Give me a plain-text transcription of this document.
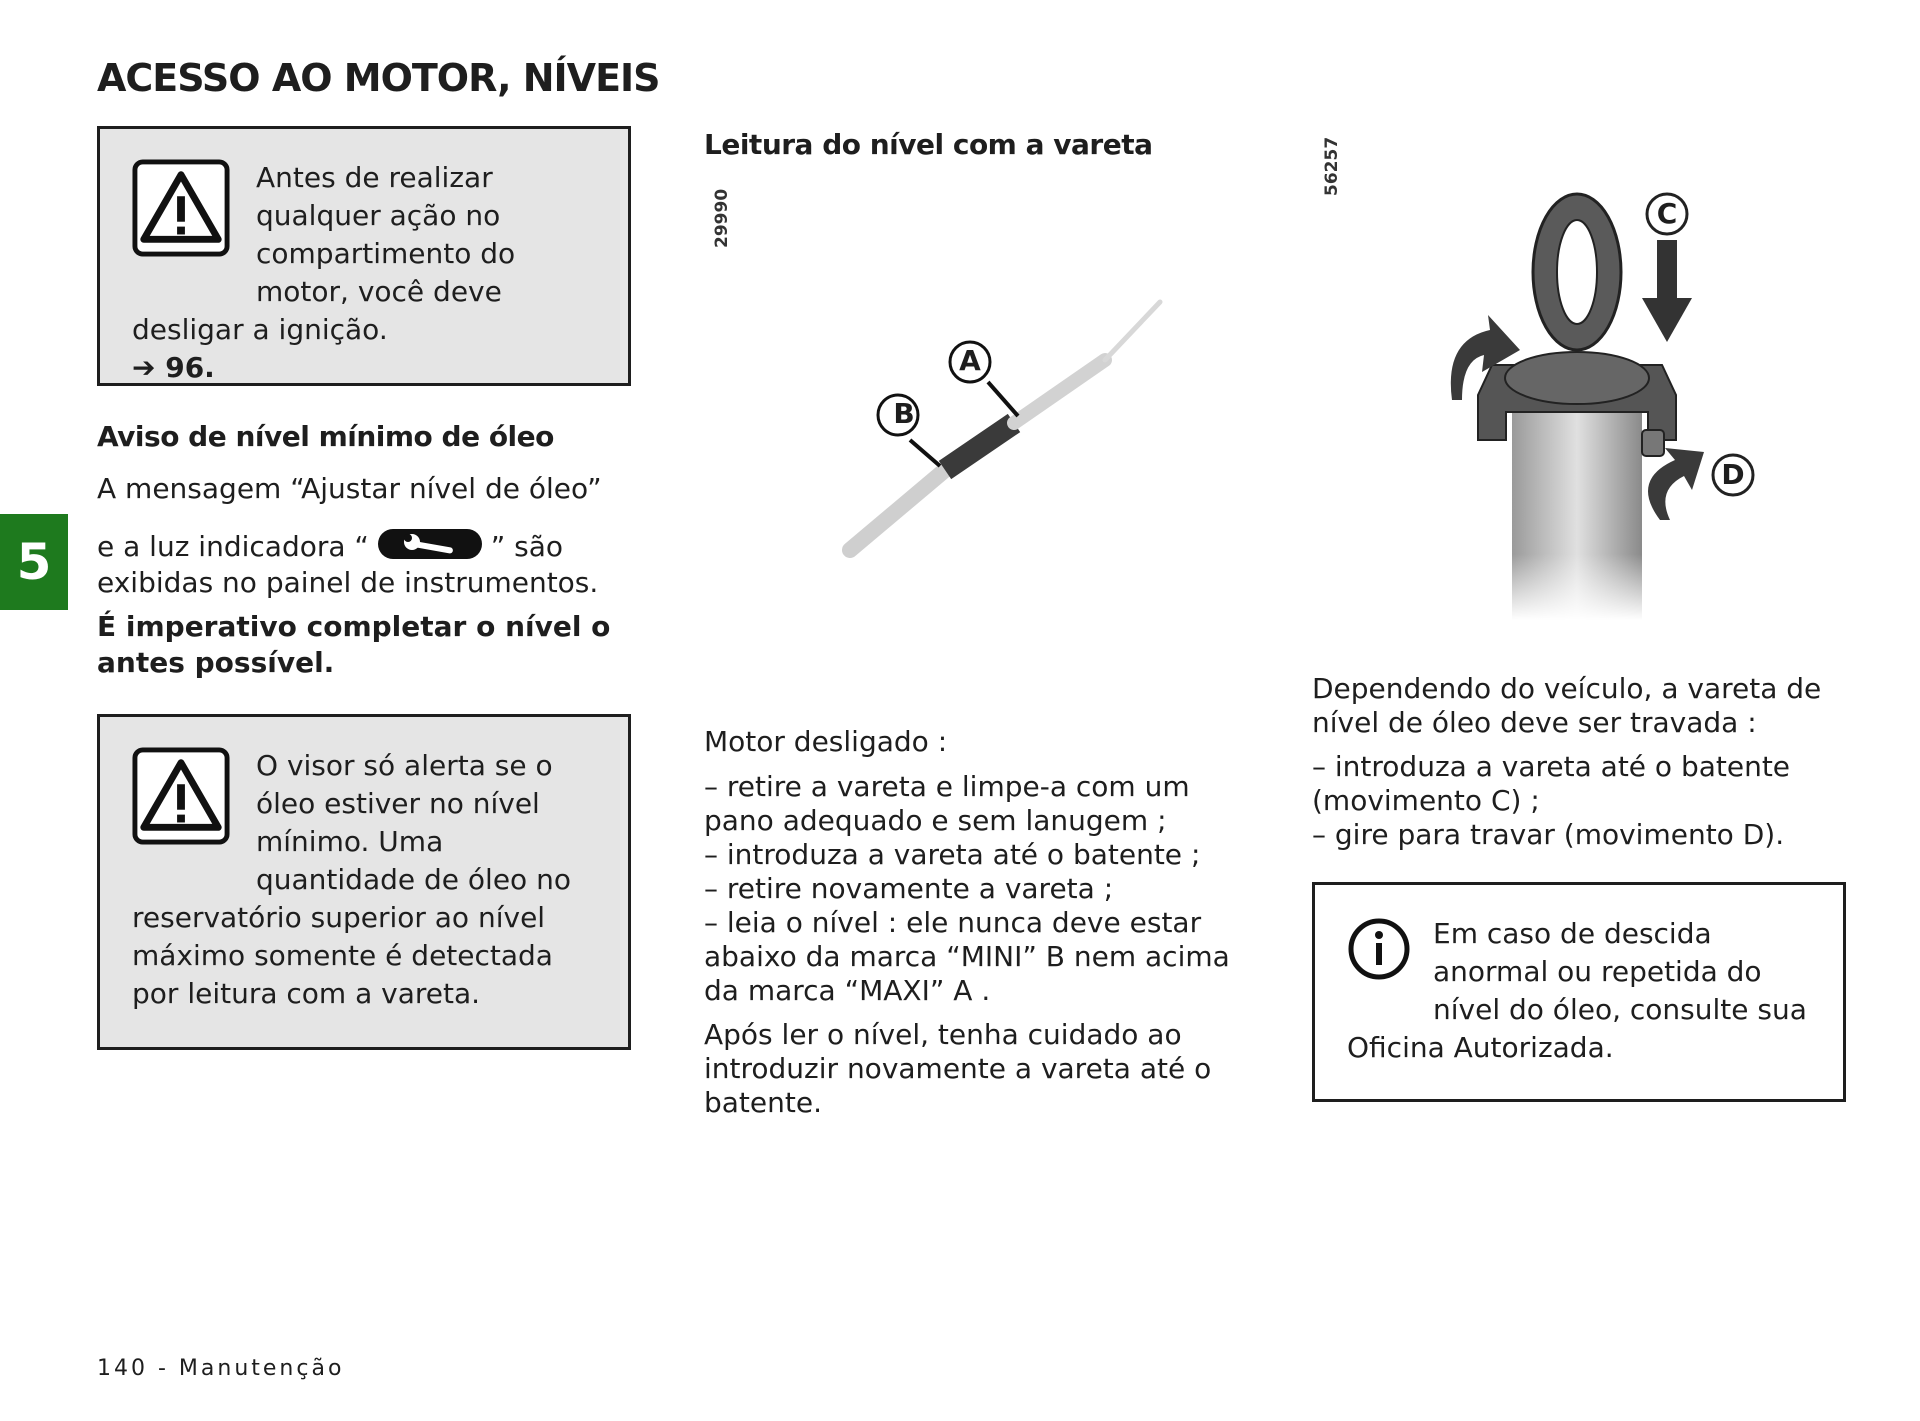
ACESSO AO MOTOR, NÍVEIS
5

Antes de realizar qualquer ação no compartimento do motor, você deve desligar a ignição.

➔ 96.

Aviso de nível mínimo de óleo

A mensagem “Ajustar nível de óleo”

e a luz indicadora “	” são exibidas no painel de instrumentos.

É imperativo completar o nível o antes possível.

O visor só alerta se o óleo estiver no nível mínimo. Uma quantidade de óleo no reservatório superior ao nível máximo somente é detectada por leitura com a vareta.

Leitura do nível com a vareta

29990
B
A

Motor desligado :

– retire a vareta e limpe-a com um pano adequado e sem lanugem ;
– introduza a vareta até o batente ;
– retire novamente a vareta ;
– leia o nível : ele nunca deve estar abaixo da marca “MINI” B nem acima da marca “MAXI” A .

Após ler o nível, tenha cuidado ao introduzir novamente a vareta até o batente.

56257
C
D

Dependendo do veículo, a vareta de nível de óleo deve ser travada :

– introduza a vareta até o batente (movimento C) ;

– gire para travar (movimento D).

Em caso de descida anormal ou repetida do nível do óleo, consulte sua Oficina Autorizada.

140 - Manutenção
